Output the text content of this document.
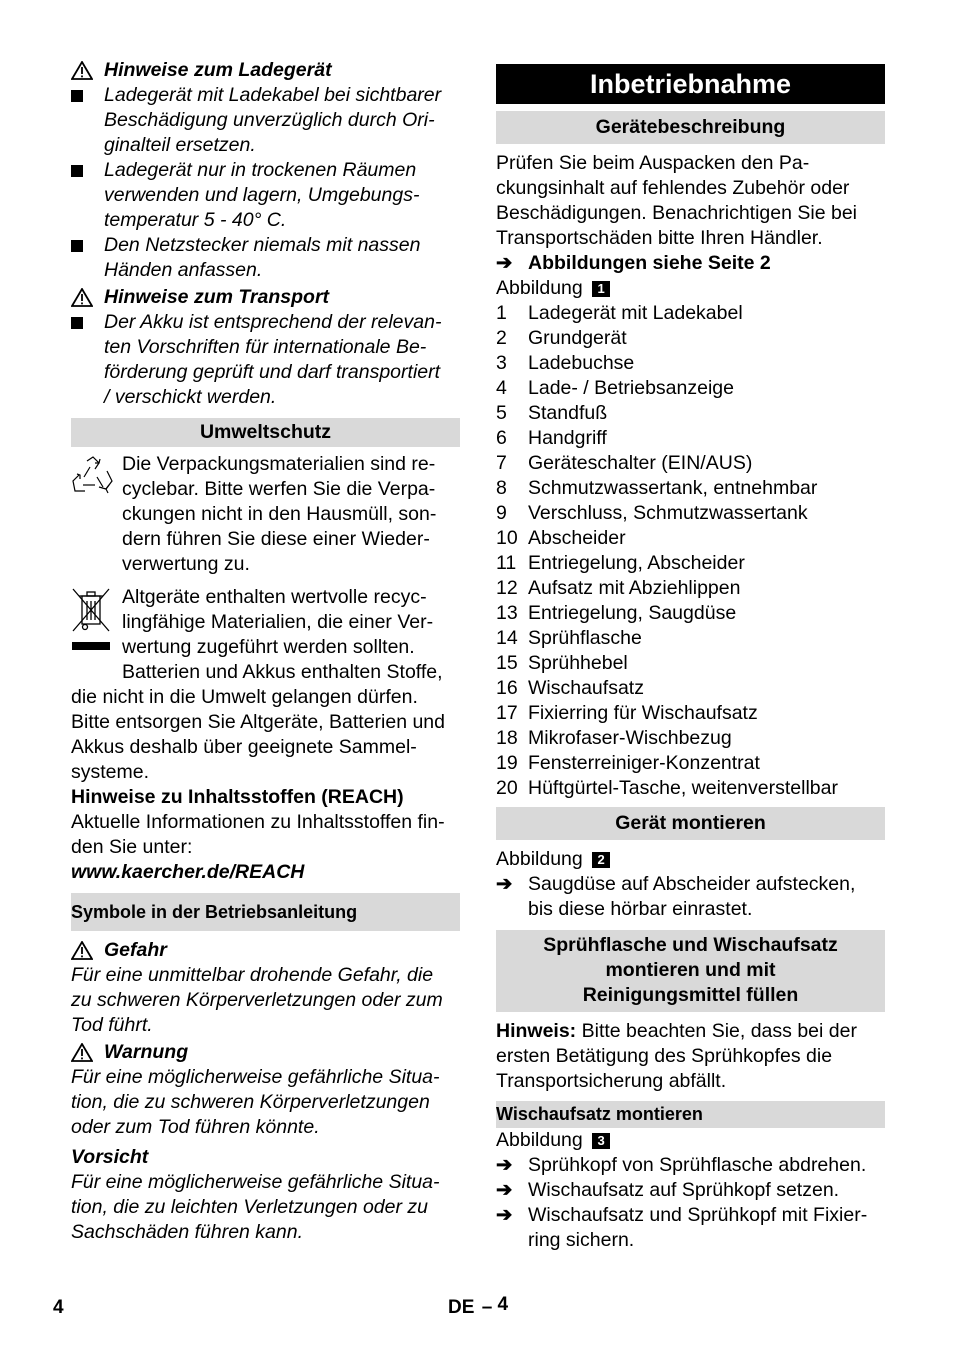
Hinweise zum Ladegerät
Ladegerät mit Ladekabel bei sichtbarer
Beschädigung unverzüglich durch Ori-
ginalteil ersetzen.
Ladegerät nur in trockenen Räumen
verwenden und lagern, Umgebungs-
temperatur 5 - 40° C.
Den Netzstecker niemals mit nassen
Händen anfassen.
Hinweise zum Transport
Der Akku ist entsprechend der relevan-
ten Vorschriften für internationale Be-
förderung geprüft und darf transportiert
/ verschickt werden.
Umweltschutz
Die Verpackungsmaterialien sind re-
cyclebar. Bitte werfen Sie die Verpa-
ckungen nicht in den Hausmüll, son-
dern führen Sie diese einer Wieder-
verwertung zu.
Altgeräte enthalten wertvolle recyc-
lingfähige Materialien, die einer Ver-
wertung zugeführt werden sollten.
Batterien und Akkus enthalten Stoffe,
die nicht in die Umwelt gelangen dürfen.
Bitte entsorgen Sie Altgeräte, Batterien und
Akkus deshalb über geeignete Sammel-
systeme.
Hinweise zu Inhaltsstoffen (REACH)
Aktuelle Informationen zu Inhaltsstoffen fin-
den Sie unter:
www.kaercher.de/REACH
Symbole in der Betriebsanleitung
Gefahr
Für eine unmittelbar drohende Gefahr, die
zu schweren Körperverletzungen oder zum
Tod führt.
Warnung
Für eine möglicherweise gefährliche Situa-
tion, die zu schweren Körperverletzungen
oder zum Tod führen könnte.
Vorsicht
Für eine möglicherweise gefährliche Situa-
tion, die zu leichten Verletzungen oder zu
Sachschäden führen kann.
Inbetriebnahme
Gerätebeschreibung
Prüfen Sie beim Auspacken den Pa-
ckungsinhalt auf fehlendes Zubehör oder
Beschädigungen. Benachrichtigen Sie bei
Transportschäden bitte Ihren Händler.
➔ Abbildungen siehe Seite 2
Abbildung 1
1	Ladegerät mit Ladekabel
2	Grundgerät
3	Ladebuchse
4	Lade- / Betriebsanzeige
5	Standfuß
6	Handgriff
7	Geräteschalter (EIN/AUS)
8	Schmutzwassertank, entnehmbar
9	Verschluss, Schmutzwassertank
10 Abscheider
11 Entriegelung, Abscheider
12 Aufsatz mit Abziehlippen
13 Entriegelung, Saugdüse
14 Sprühflasche
15 Sprühhebel
16 Wischaufsatz
17 Fixierring für Wischaufsatz
18 Mikrofaser-Wischbezug
19 Fensterreiniger-Konzentrat
20 Hüftgürtel-Tasche, weitenverstellbar
Gerät montieren
Abbildung 2
➔ Saugdüse auf Abscheider aufstecken,
bis diese hörbar einrastet.
Sprühflasche und Wischaufsatz
montieren und mit
Reinigungsmittel füllen
Hinweis: Bitte beachten Sie, dass bei der
ersten Betätigung des Sprühkopfes die
Transportsicherung abfällt.
Wischaufsatz montieren
Abbildung 3
➔ Sprühkopf von Sprühflasche abdrehen.
➔ Wischaufsatz auf Sprühkopf setzen.
➔ Wischaufsatz und Sprühkopf mit Fixier-
ring sichern.
4	DE – 4
